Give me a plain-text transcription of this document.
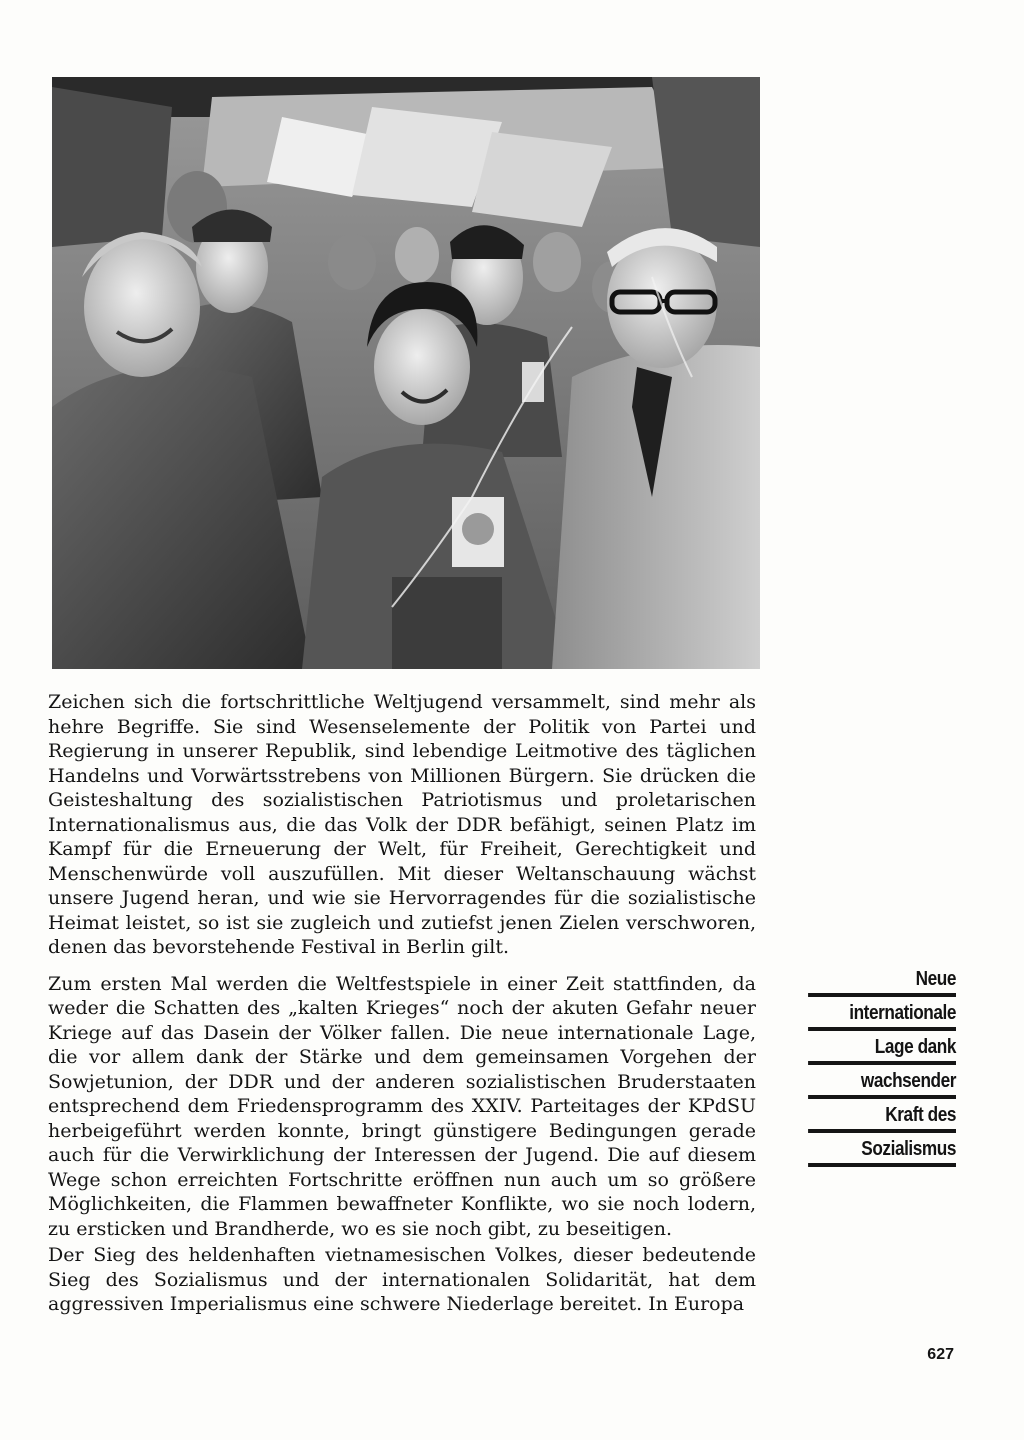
Zeichen sich die fortschrittliche Weltjugend versammelt, sind mehr als hehre Begriffe. Sie sind Wesenselemente der Politik von Partei und Regierung in unserer Republik, sind lebendige Leitmotive des täglichen Handelns und Vorwärtsstrebens von Millionen Bürgern. Sie drücken die Geisteshaltung des sozialistischen Patriotismus und proletarischen Internationalismus aus, die das Volk der DDR befähigt, seinen Platz im Kampf für die Erneuerung der Welt, für Freiheit, Gerechtigkeit und Menschenwürde voll auszufüllen. Mit dieser Weltanschauung wächst unsere Jugend heran, und wie sie Hervorragendes für die sozialistische Heimat leistet, so ist sie zugleich und zutiefst jenen Zielen verschworen, denen das bevorstehende Festival in Berlin gilt.

Zum ersten Mal werden die Weltfestspiele in einer Zeit stattfinden, da weder die Schatten des „kalten Krieges“ noch der akuten Gefahr neuer Kriege auf das Dasein der Völker fallen. Die neue internationale Lage, die vor allem dank der Stärke und dem gemeinsamen Vorgehen der Sowjetunion, der DDR und der anderen sozialistischen Bruderstaaten entsprechend dem Friedensprogramm des XXIV. Parteitages der KPdSU herbeigeführt werden konnte, bringt günstigere Bedingungen gerade auch für die Verwirklichung der Interessen der Jugend. Die auf diesem Wege schon erreichten Fortschritte eröffnen nun auch um so größere Möglichkeiten, die Flammen bewaffneter Konflikte, wo sie noch lodern, zu ersticken und Brandherde, wo es sie noch gibt, zu beseitigen.

Der Sieg des heldenhaften vietnamesischen Volkes, dieser bedeutende Sieg des Sozialismus und der internationalen Solidarität, hat dem aggressiven Imperialismus eine schwere Niederlage bereitet. In Europa

Neue
internationale
Lage dank
wachsender
Kraft des
Sozialismus
627
